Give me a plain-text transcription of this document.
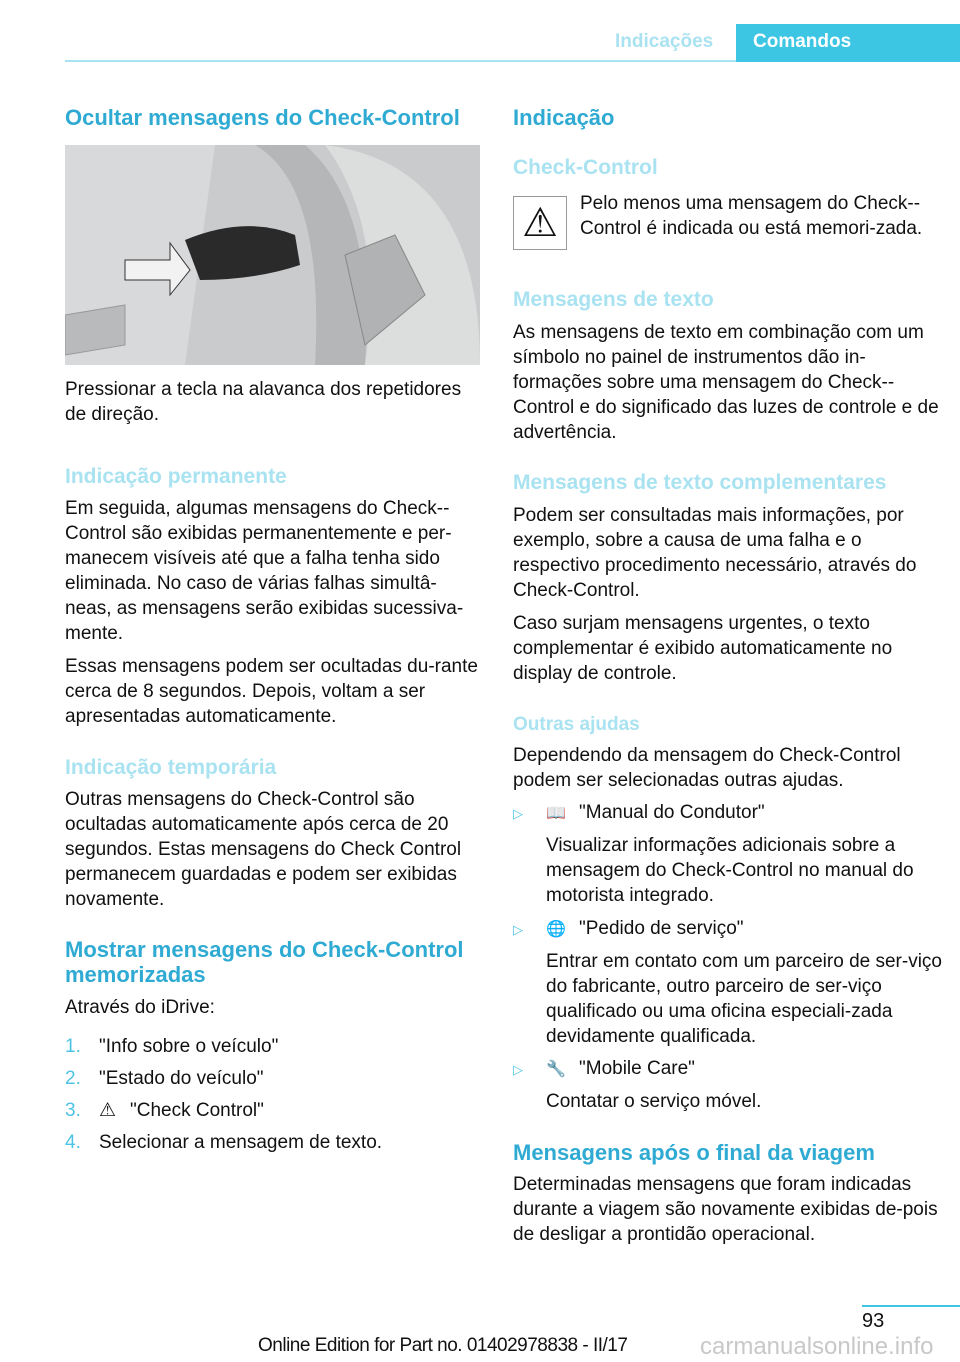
Indicações Comandos
Ocultar mensagens do Check-Control

Pressionar a tecla na alavanca dos repetidores de direção.

Indicação permanente

Em seguida, algumas mensagens do Check--Control são exibidas permanentemente e per-manecem visíveis até que a falha tenha sido eliminada. No caso de várias falhas simultâ-neas, as mensagens serão exibidas sucessiva-mente.

Essas mensagens podem ser ocultadas du-rante cerca de 8 segundos. Depois, voltam a ser apresentadas automaticamente.

Indicação temporária

Outras mensagens do Check-Control são ocultadas automaticamente após cerca de 20 segundos. Estas mensagens do Check Control permanecem guardadas e podem ser exibidas novamente.

Mostrar mensagens do Check-Control memorizadas

Através do iDrive:

1. "Info sobre o veículo"
2. "Estado do veículo"
3. ⚠ "Check Control"
4. Selecionar a mensagem de texto.
Indicação
Check-Control
⚠	Pelo menos uma mensagem do Check--Control é indicada ou está memori-zada.

Mensagens de texto

As mensagens de texto em combinação com um símbolo no painel de instrumentos dão in-formações sobre uma mensagem do Check--Control e do significado das luzes de controle e de advertência.

Mensagens de texto complementares

Podem ser consultadas mais informações, por exemplo, sobre a causa de uma falha e o respectivo procedimento necessário, através do Check-Control.

Caso surjam mensagens urgentes, o texto complementar é exibido automaticamente no display de controle.

Outras ajudas

Dependendo da mensagem do Check-Control podem ser selecionadas outras ajudas.

▷ 📖 "Manual do Condutor"

Visualizar informações adicionais sobre a mensagem do Check-Control no manual do motorista integrado.

▷ 🌐 "Pedido de serviço"

Entrar em contato com um parceiro de ser-viço do fabricante, outro parceiro de ser-viço qualificado ou uma oficina especiali-zada devidamente qualificada.

▷ 🔧 "Mobile Care"

Contatar o serviço móvel.

Mensagens após o final da viagem

Determinadas mensagens que foram indicadas durante a viagem são novamente exibidas de-pois de desligar a prontidão operacional.

93
Online Edition for Part no. 01402978838 - II/17	carmanualsonline.info
